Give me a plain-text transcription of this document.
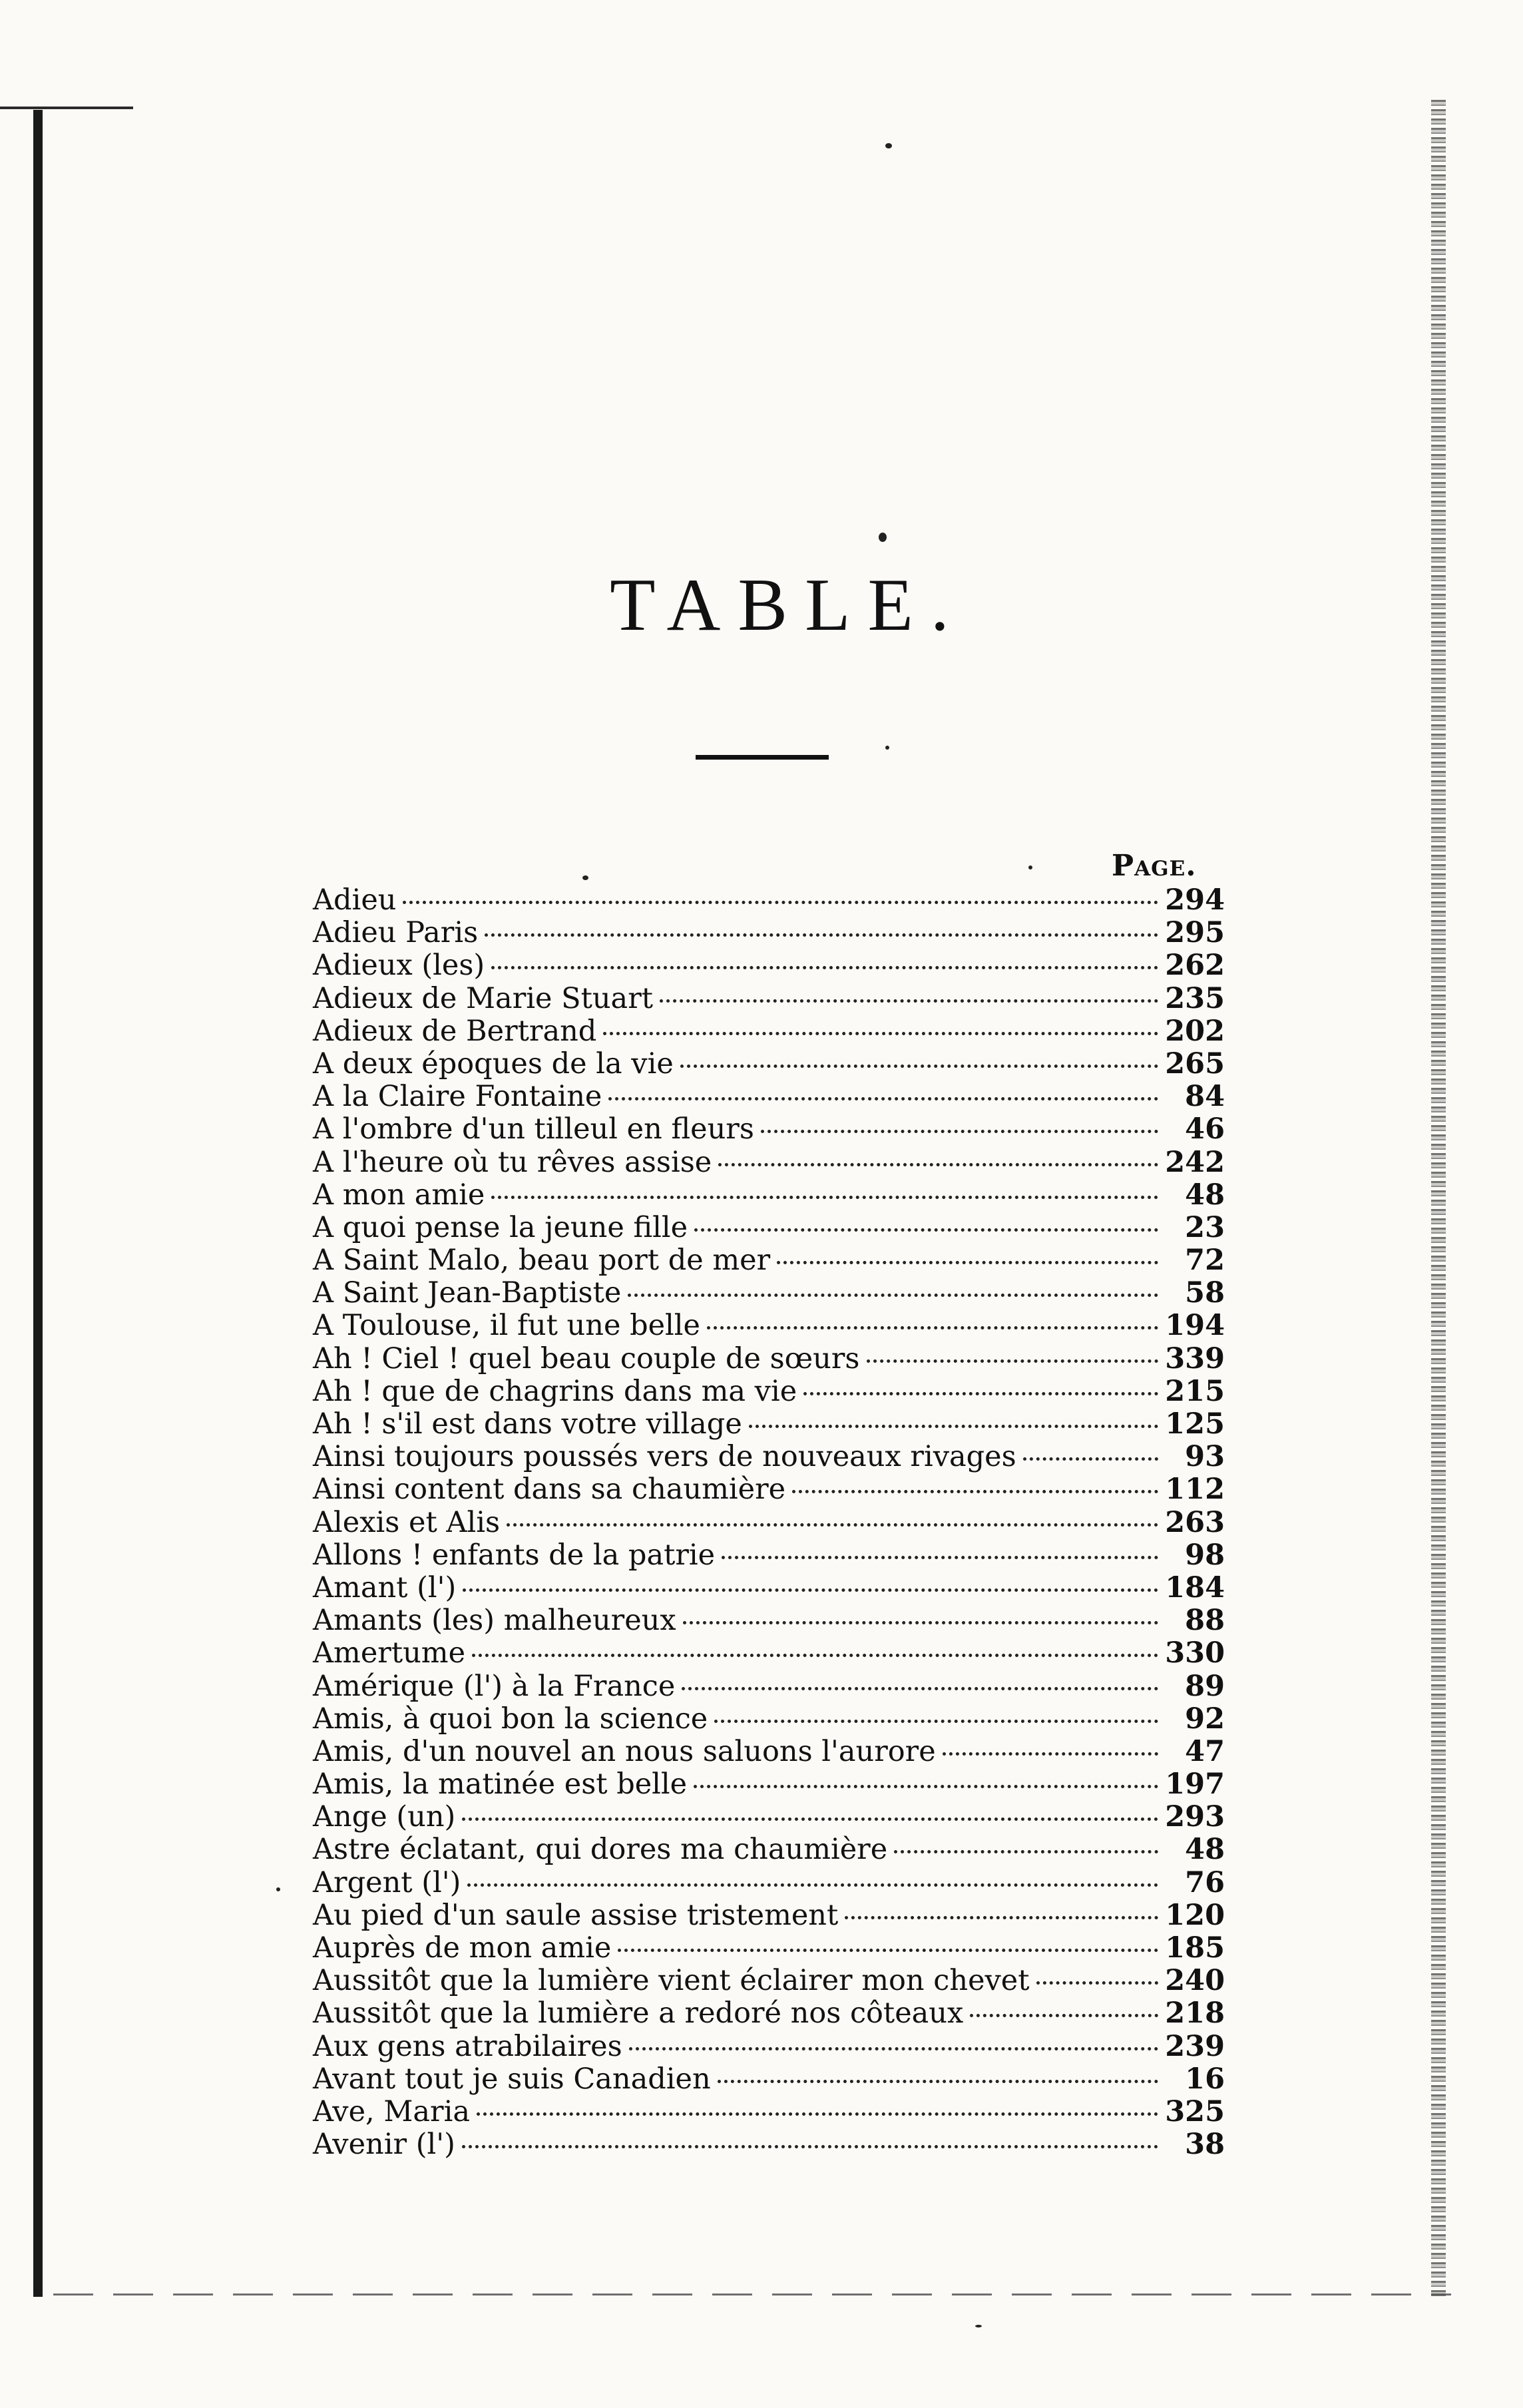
TABLE.
Page.
Adieu	294
Adieu Paris	295
Adieux (les)	262
Adieux de Marie Stuart	235
Adieux de Bertrand	202
A deux époques de la vie	265
A la Claire Fontaine	84
A l'ombre d'un tilleul en fleurs	46
A l'heure où tu rêves assise	242
A mon amie	48
A quoi pense la jeune fille	23
A Saint Malo, beau port de mer	72
A Saint Jean-Baptiste	58
A Toulouse, il fut une belle	194
Ah ! Ciel ! quel beau couple de sœurs	339
Ah ! que de chagrins dans ma vie	215
Ah ! s'il est dans votre village	125
Ainsi toujours poussés vers de nouveaux rivages	93
Ainsi content dans sa chaumière	112
Alexis et Alis	263
Allons ! enfants de la patrie	98
Amant (l')	184
Amants (les) malheureux	88
Amertume	330
Amérique (l') à la France	89
Amis, à quoi bon la science	92
Amis, d'un nouvel an nous saluons l'aurore	47
Amis, la matinée est belle	197
Ange (un)	293
Astre éclatant, qui dores ma chaumière	48
Argent (l')	76
Au pied d'un saule assise tristement	120
Auprès de mon amie	185
Aussitôt que la lumière vient éclairer mon chevet	240
Aussitôt que la lumière a redoré nos côteaux	218
Aux gens atrabilaires	239
Avant tout je suis Canadien	16
Ave, Maria	325
Avenir (l')	38
